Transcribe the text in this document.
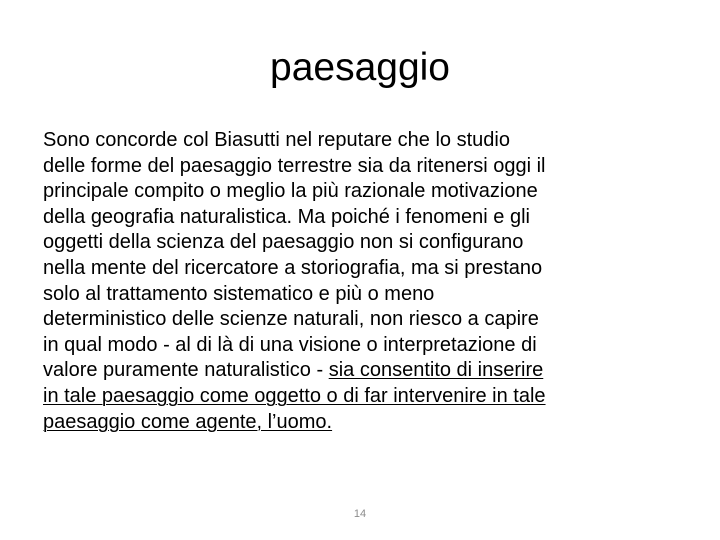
paesaggio
Sono concorde col Biasutti nel reputare che lo studio
delle forme del paesaggio terrestre sia da ritenersi oggi il
principale compito o meglio la più razionale motivazione
della geografia naturalistica. Ma poiché i fenomeni e gli
oggetti della scienza del paesaggio non si configurano
nella mente del ricercatore a storiografia, ma si prestano
solo al trattamento sistematico e più o meno
deterministico delle scienze naturali, non riesco a capire
in qual modo - al di là di una visione o interpretazione di
valore puramente naturalistico - sia consentito di inserire
in tale paesaggio come oggetto o di far intervenire in tale
paesaggio come agente, l’uomo.
14
